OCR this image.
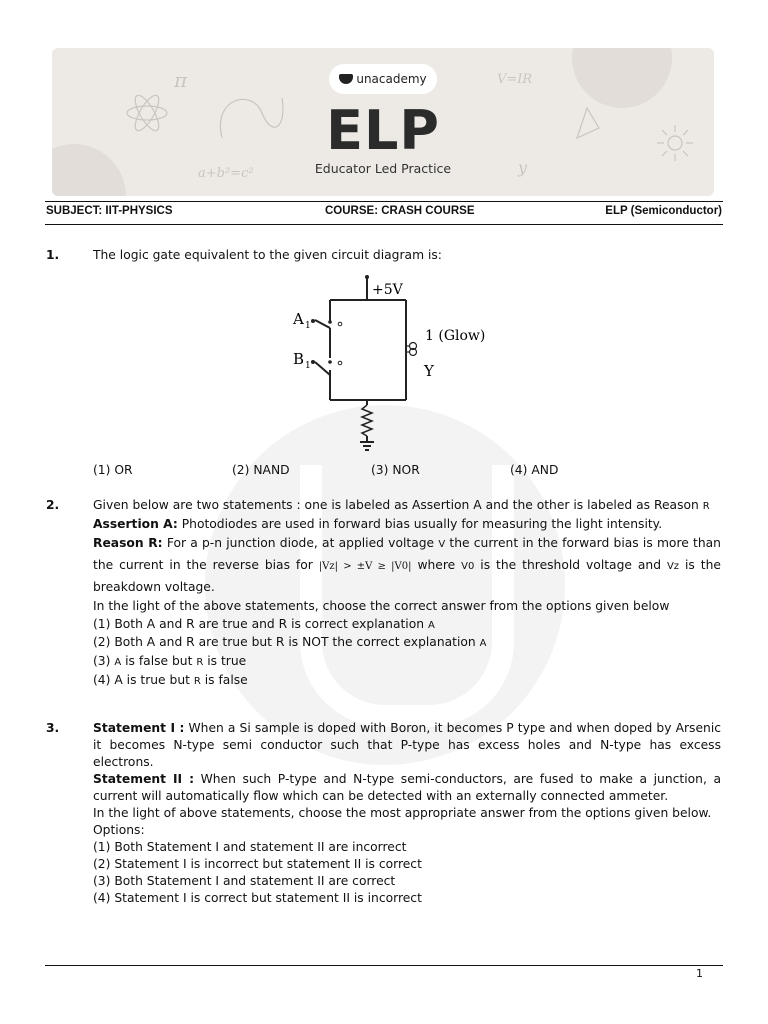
π	V=IR
a+b²=c²	y
unacademy
ELP
Educator Led Practice
SUBJECT: IIT-PHYSICS	COURSE: CRASH COURSE	ELP (Semiconductor)
1.	The logic gate equivalent to the given circuit diagram is:
+5V
A 1
B 1
1 (Glow)
Y
(1) OR	(2) NAND	(3) NOR	(4) AND
2.	Given below are two statements : one is labeled as Assertion A and the other is labeled as Reason R

Assertion A: Photodiodes are used in forward bias usually for measuring the light intensity.

Reason R: For a p-n junction diode, at applied voltage V the current in the forward bias is more than the current in the reverse bias for |Vz| > ±V ≥ |V0| where V0 is the threshold voltage and Vz is the breakdown voltage.

In the light of the above statements, choose the correct answer from the options given below

(1) Both A and R are true and R is correct explanation A

(2) Both A and R are true but R is NOT the correct explanation A

(3) A is false but R is true

(4) A is true but R is false

3.	Statement I : When a Si sample is doped with Boron, it becomes P type and when doped by Arsenic it becomes N-type semi conductor such that P-type has excess holes and N-type has excess electrons.

Statement II : When such P-type and N-type semi-conductors, are fused to make a junction, a current will automatically flow which can be detected with an externally connected ammeter.

In the light of above statements, choose the most appropriate answer from the options given below.

Options:

(1) Both Statement I and statement II are incorrect

(2) Statement I is incorrect but statement II is correct

(3) Both Statement I and statement II are correct

(4) Statement I is correct but statement II is incorrect

1
